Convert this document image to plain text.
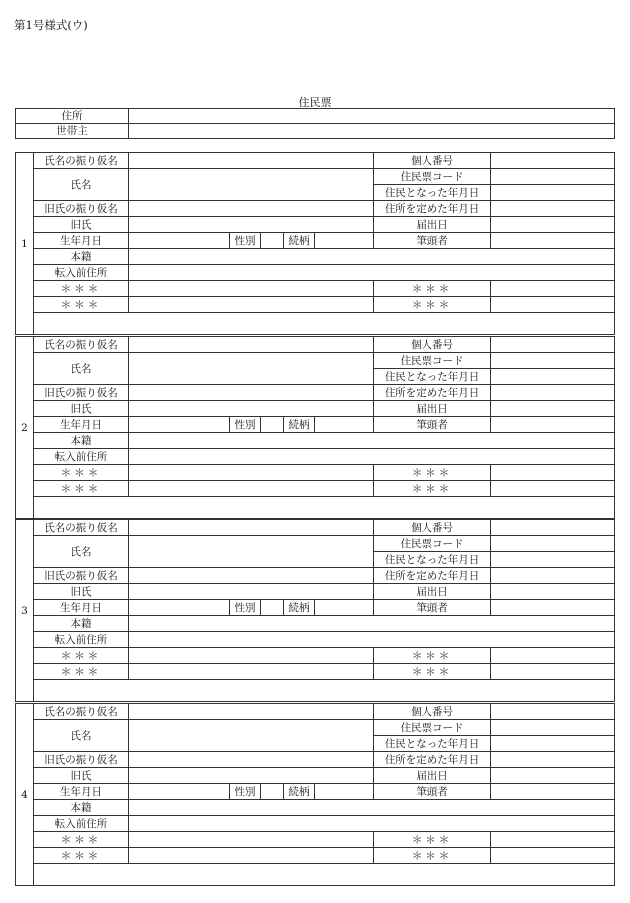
第1号様式(ウ)
住民票
住所	
世帯主	
1	氏名の振り仮名						個人番号	
	氏名						住民票コード	
							住民となった年月日	
	旧氏の振り仮名						住所を定めた年月日	
	旧氏						届出日	
	生年月日		性別		続柄		筆頭者	
	本籍							
	転入前住所							
	＊＊＊						＊＊＊	
	＊＊＊						＊＊＊	

2	氏名の振り仮名						個人番号	
	氏名						住民票コード	
							住民となった年月日	
	旧氏の振り仮名						住所を定めた年月日	
	旧氏						届出日	
	生年月日		性別		続柄		筆頭者	
	本籍							
	転入前住所							
	＊＊＊						＊＊＊	
	＊＊＊						＊＊＊	

3	氏名の振り仮名						個人番号	
	氏名						住民票コード	
							住民となった年月日	
	旧氏の振り仮名						住所を定めた年月日	
	旧氏						届出日	
	生年月日		性別		続柄		筆頭者	
	本籍							
	転入前住所							
	＊＊＊						＊＊＊	
	＊＊＊						＊＊＊	

4	氏名の振り仮名						個人番号	
	氏名						住民票コード	
							住民となった年月日	
	旧氏の振り仮名						住所を定めた年月日	
	旧氏						届出日	
	生年月日		性別		続柄		筆頭者	
	本籍							
	転入前住所							
	＊＊＊						＊＊＊	
	＊＊＊						＊＊＊	
